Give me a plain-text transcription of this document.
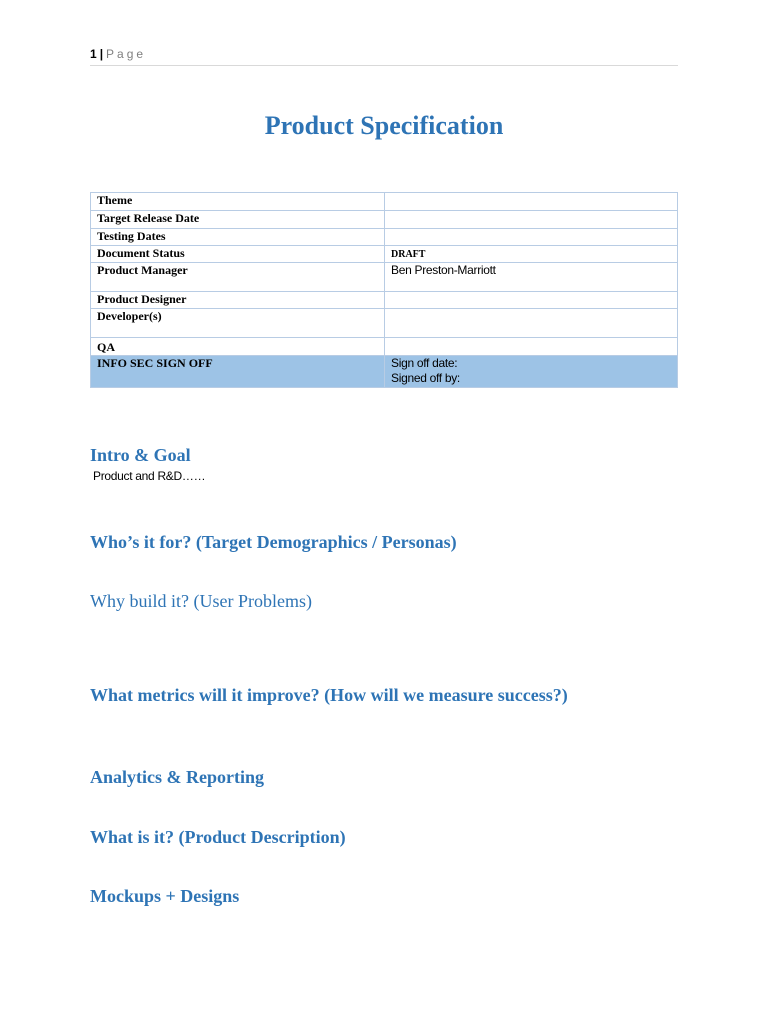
1 | Page
Product Specification
Theme	
Target Release Date	
Testing Dates	
Document Status	DRAFT
Product Manager	Ben Preston-Marriott
Product Designer	
Developer(s)	
QA	
INFO SEC SIGN OFF	Sign off date:
Signed off by:
Intro & Goal
Product and R&D……
Who’s it for? (Target Demographics / Personas)
Why build it? (User Problems)
What metrics will it improve? (How will we measure success?)
Analytics & Reporting
What is it? (Product Description)
Mockups + Designs
